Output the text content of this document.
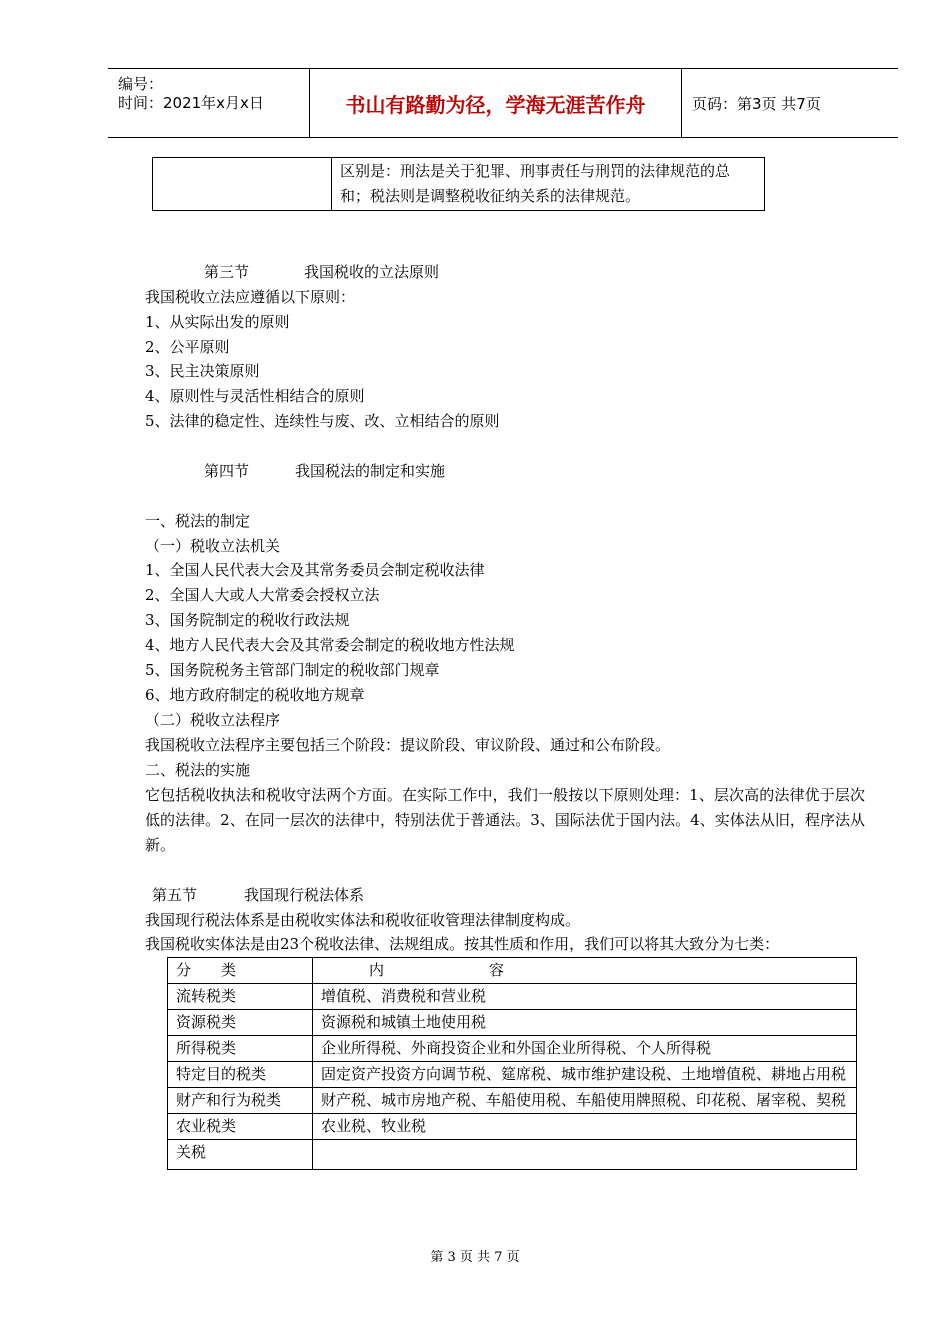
编号：
时间：2021年x月x日	书山有路勤为径，学海无涯苦作舟	页码：第3页 共7页
	区别是：刑法是关于犯罪、刑事责任与刑罚的法律规范的总和；税法则是调整税收征纳关系的法律规范。
第三节	我国税收的立法原则
我国税收立法应遵循以下原则：
1、从实际出发的原则
2、公平原则
3、民主决策原则
4、原则性与灵活性相结合的原则
5、法律的稳定性、连续性与废、改、立相结合的原则
第四节	我国税法的制定和实施
一、税法的制定
（一）税收立法机关
1、全国人民代表大会及其常务委员会制定税收法律
2、全国人大或人大常委会授权立法
3、国务院制定的税收行政法规
4、地方人民代表大会及其常委会制定的税收地方性法规
5、国务院税务主管部门制定的税收部门规章
6、地方政府制定的税收地方规章
（二）税收立法程序
我国税收立法程序主要包括三个阶段：提议阶段、审议阶段、通过和公布阶段。
二、税法的实施
它包括税收执法和税收守法两个方面。在实际工作中，我们一般按以下原则处理：1、层次高的法律优于层次低的法律。2、在同一层次的法律中，特别法优于普通法。3、国际法优于国内法。4、实体法从旧，程序法从新。
第五节	我国现行税法体系
我国现行税法体系是由税收实体法和税收征收管理法律制度构成。
我国税收实体法是由23个税收法律、法规组成。按其性质和作用，我们可以将其大致分为七类：
分　　类	内　　　　　　　容
流转税类	增值税、消费税和营业税
资源税类	资源税和城镇土地使用税
所得税类	企业所得税、外商投资企业和外国企业所得税、个人所得税
特定目的税类	固定资产投资方向调节税、筵席税、城市维护建设税、土地增值税、耕地占用税
财产和行为税类	财产税、城市房地产税、车船使用税、车船使用牌照税、印花税、屠宰税、契税
农业税类	农业税、牧业税
关税	
第 3 页 共 7 页
